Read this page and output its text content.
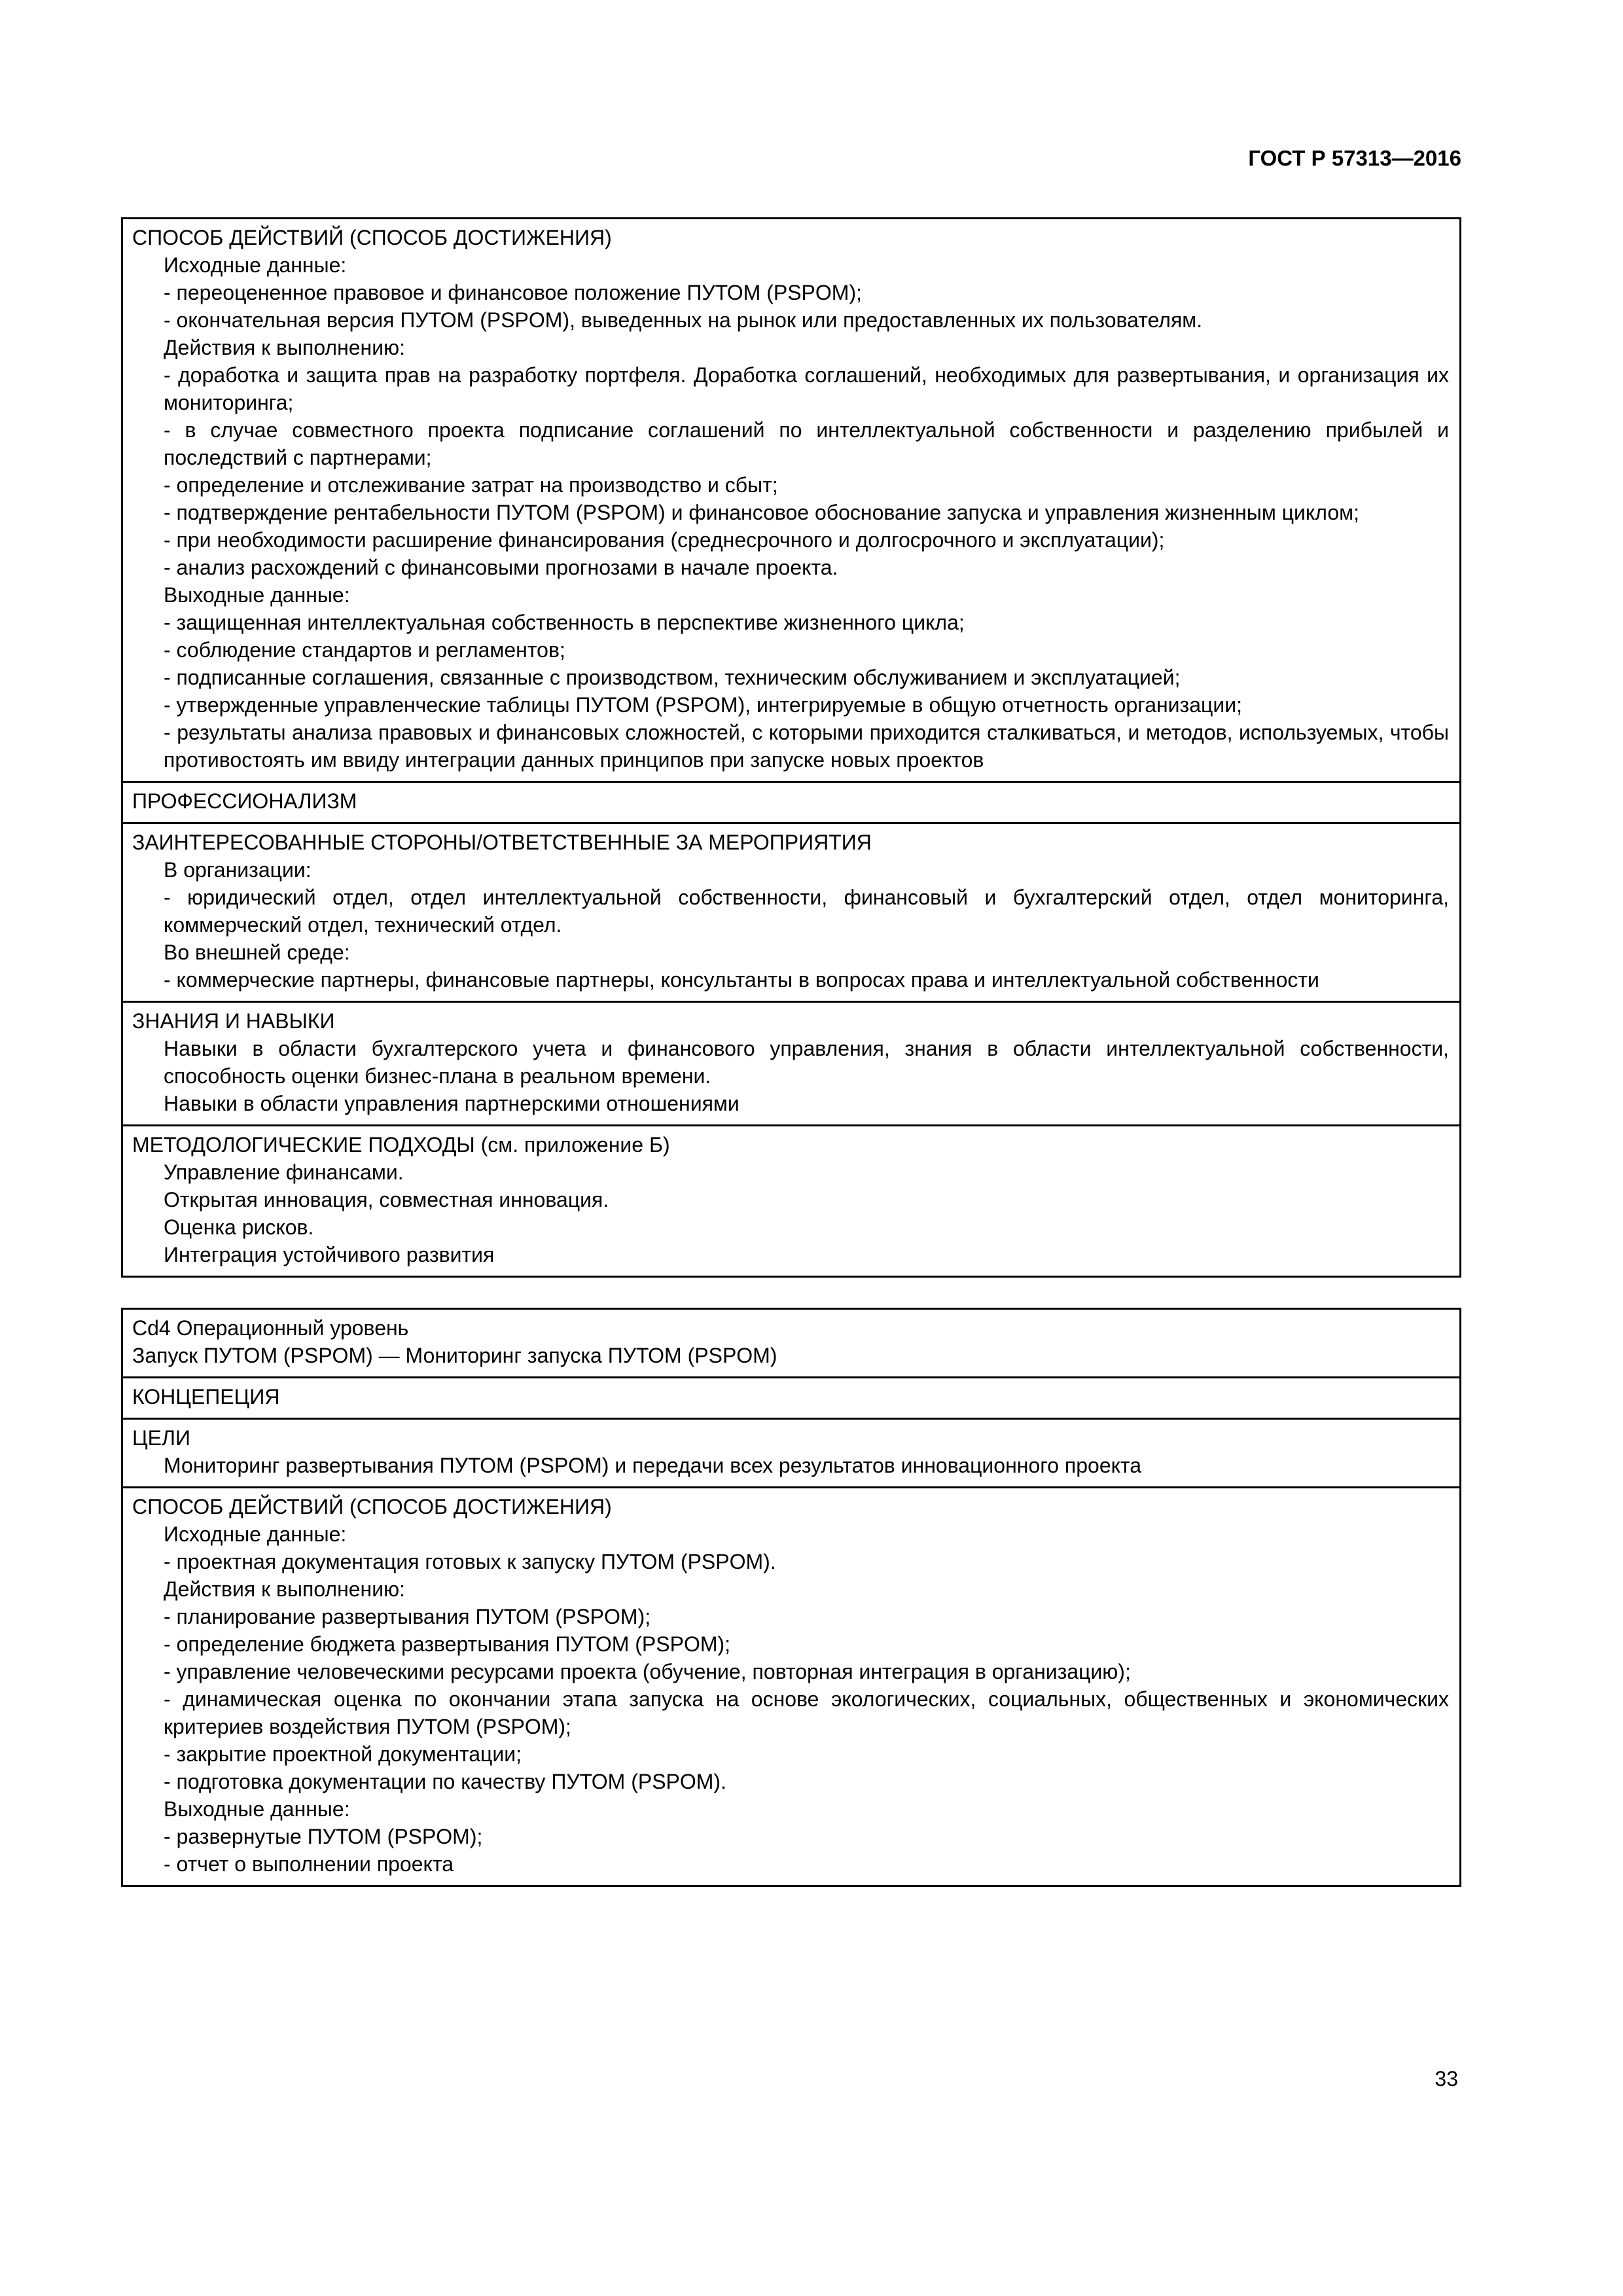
ГОСТ Р 57313—2016
СПОСОБ ДЕЙСТВИЙ (СПОСОБ ДОСТИЖЕНИЯ)
Исходные данные:
- переоцененное правовое и финансовое положение ПУТОМ (PSPOM);
- окончательная версия ПУТОМ (PSPOM), выведенных на рынок или предоставленных их пользователям.
Действия к выполнению:
- доработка и защита прав на разработку портфеля. Доработка соглашений, необходимых для развертывания, и организация их мониторинга;
- в случае совместного проекта подписание соглашений по интеллектуальной собственности и разделению прибылей и последствий с партнерами;
- определение и отслеживание затрат на производство и сбыт;
- подтверждение рентабельности ПУТОМ (PSPOM) и финансовое обоснование запуска и управления жизненным циклом;
- при необходимости расширение финансирования (среднесрочного и долгосрочного и эксплуатации);
- анализ расхождений с финансовыми прогнозами в начале проекта.
Выходные данные:
- защищенная интеллектуальная собственность в перспективе жизненного цикла;
- соблюдение стандартов и регламентов;
- подписанные соглашения, связанные с производством, техническим обслуживанием и эксплуатацией;
- утвержденные управленческие таблицы ПУТОМ (PSPOM), интегрируемые в общую отчетность организации;
- результаты анализа правовых и финансовых сложностей, с которыми приходится сталкиваться, и методов, используемых, чтобы противостоять им ввиду интеграции данных принципов при запуске новых проектов
ПРОФЕССИОНАЛИЗМ
ЗАИНТЕРЕСОВАННЫЕ СТОРОНЫ/ОТВЕТСТВЕННЫЕ ЗА МЕРОПРИЯТИЯ
В организации:
- юридический отдел, отдел интеллектуальной собственности, финансовый и бухгалтерский отдел, отдел мониторинга, коммерческий отдел, технический отдел.
Во внешней среде:
- коммерческие партнеры, финансовые партнеры, консультанты в вопросах права и интеллектуальной собственности
ЗНАНИЯ И НАВЫКИ
Навыки в области бухгалтерского учета и финансового управления, знания в области интеллектуальной собственности, способность оценки бизнес-плана в реальном времени.
Навыки в области управления партнерскими отношениями
МЕТОДОЛОГИЧЕСКИЕ ПОДХОДЫ (см. приложение Б)
Управление финансами.
Открытая инновация, совместная инновация.
Оценка рисков.
Интеграция устойчивого развития
Cd4 Операционный уровень
Запуск ПУТОМ (PSPOM) — Мониторинг запуска ПУТОМ (PSPOM)
КОНЦЕПЕЦИЯ
ЦЕЛИ
Мониторинг развертывания ПУТОМ (PSPOM) и передачи всех результатов инновационного проекта
СПОСОБ ДЕЙСТВИЙ (СПОСОБ ДОСТИЖЕНИЯ)
Исходные данные:
- проектная документация готовых к запуску ПУТОМ (PSPOM).
Действия к выполнению:
- планирование развертывания ПУТОМ (PSPOM);
- определение бюджета развертывания ПУТОМ (PSPOM);
- управление человеческими ресурсами проекта (обучение, повторная интеграция в организацию);
- динамическая оценка по окончании этапа запуска на основе экологических, социальных, общественных и экономических критериев воздействия ПУТОМ (PSPOM);
- закрытие проектной документации;
- подготовка документации по качеству ПУТОМ (PSPOM).
Выходные данные:
- развернутые ПУТОМ (PSPOM);
- отчет о выполнении проекта
33
